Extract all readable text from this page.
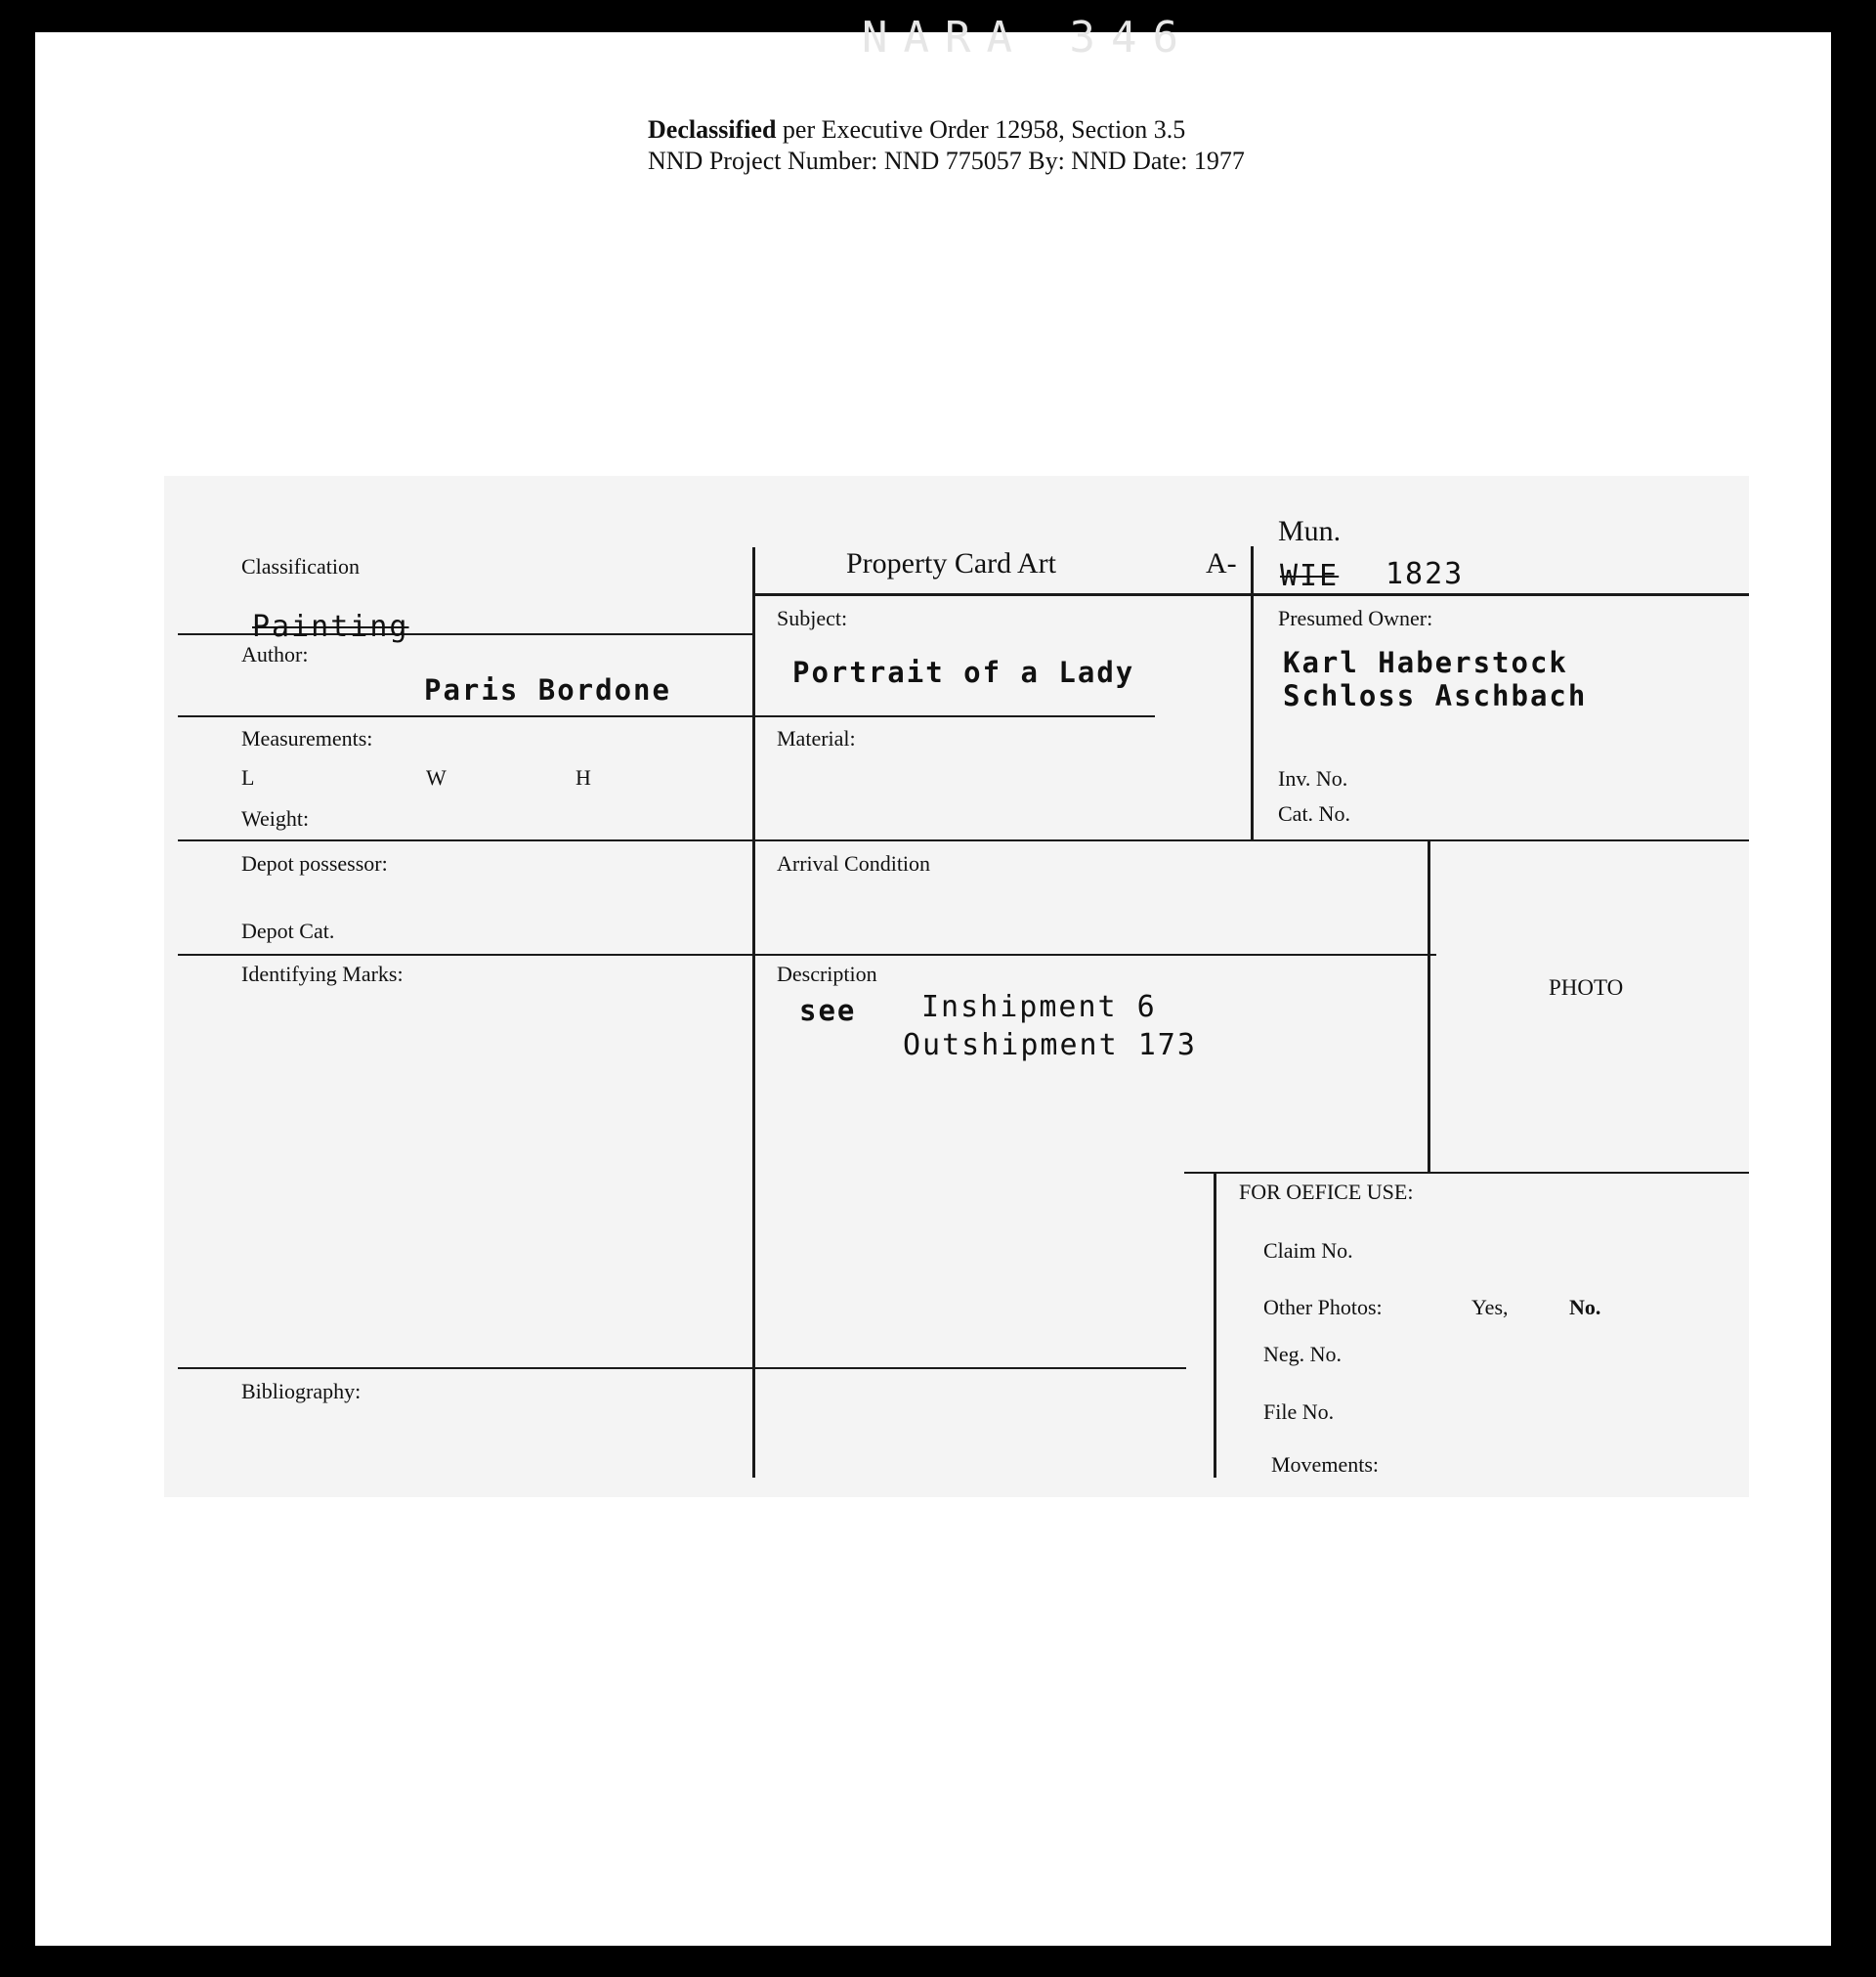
NARA 346
Declassified per Executive Order 12958, Section 3.5
NND Project Number: NND 775057 By: NND Date: 1977
Classification
Painting
Property Card Art	A-
Mun.
WIE 1823
Author:
Paris Bordone
Subject:
Portrait of a Lady
Presumed Owner:
Karl Haberstock
Schloss Aschbach
Measurements:
L	W	H
Weight:
Material:
Inv. No.
Cat. No.
Depot possessor:
Depot Cat.
Arrival Condition
PHOTO
Identifying Marks:	Description
see Inshipment 6
Outshipment 173
FOR OEFICE USE:
Claim No.
Other Photos:	Yes,	No.
Neg. No.
File No.
Movements:
Bibliography:
